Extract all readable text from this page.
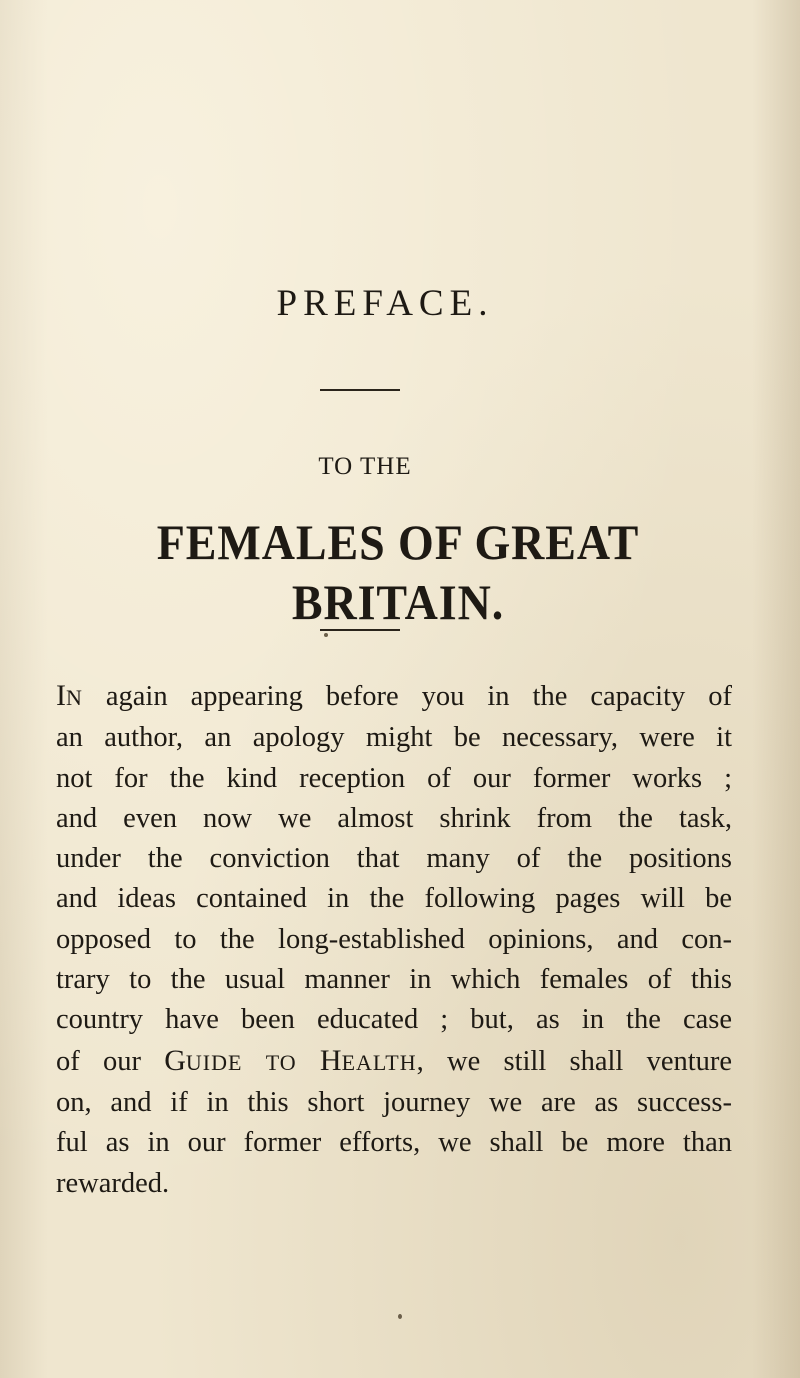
PREFACE.
TO THE
FEMALES OF GREAT BRITAIN.
IN again appearing before you in the capacity of
an author, an apology might be necessary, were it
not for the kind reception of our former works ;
and even now we almost shrink from the task,
under the conviction that many of the positions
and ideas contained in the following pages will be
opposed to the long-established opinions, and con-
trary to the usual manner in which females of this
country have been educated ; but, as in the case
of our GUIDE TO HEALTH, we still shall venture
on, and if in this short journey we are as success-
ful as in our former efforts, we shall be more than
rewarded.
